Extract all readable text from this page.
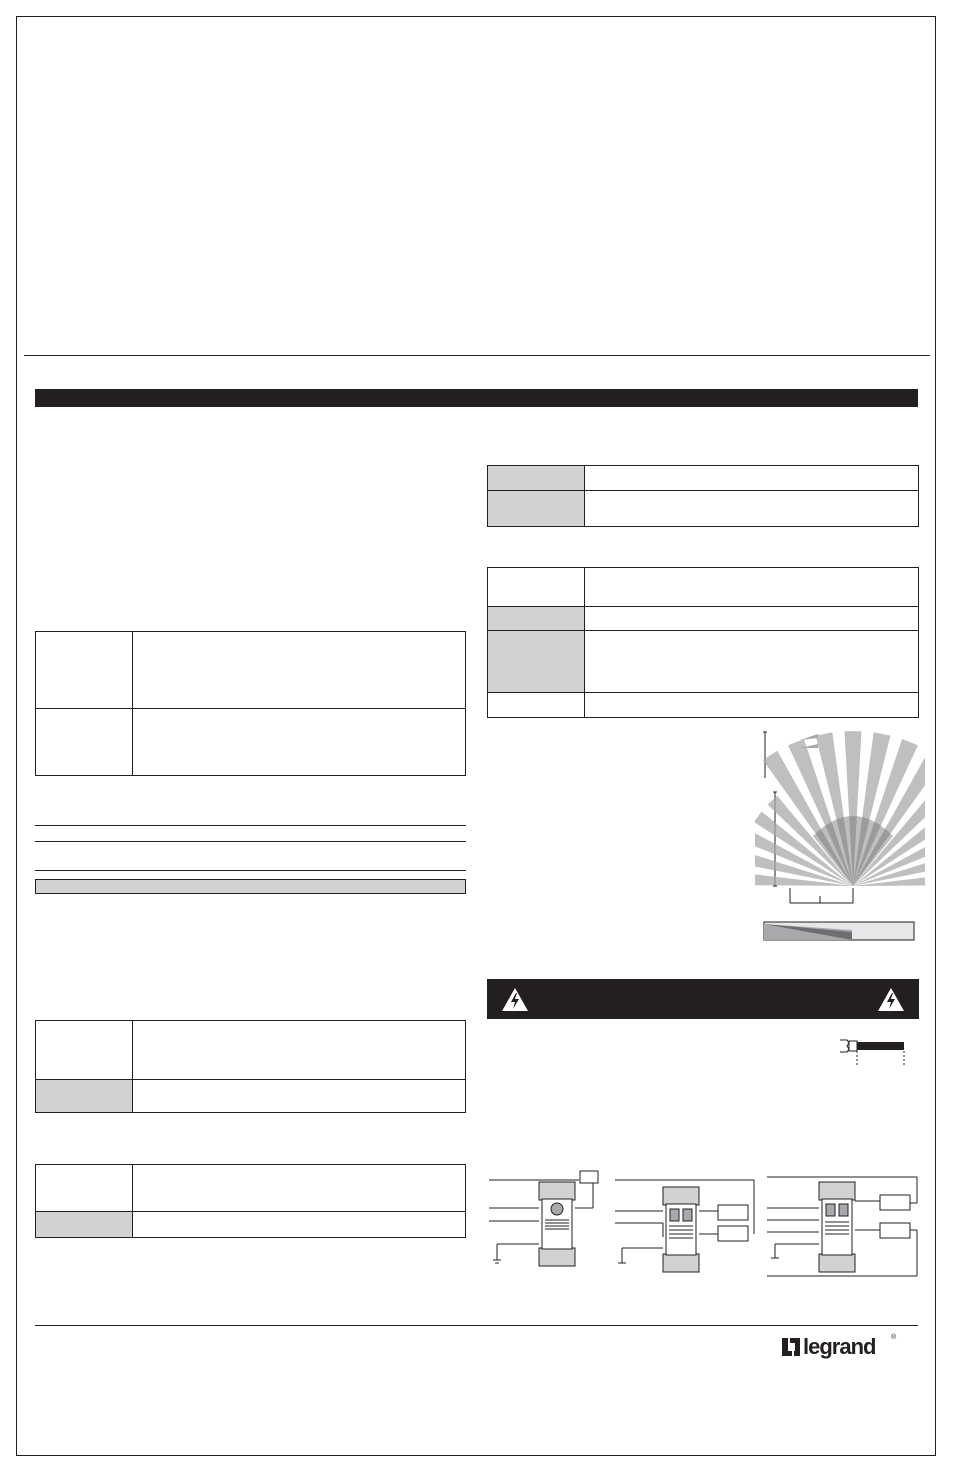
legrand ®
